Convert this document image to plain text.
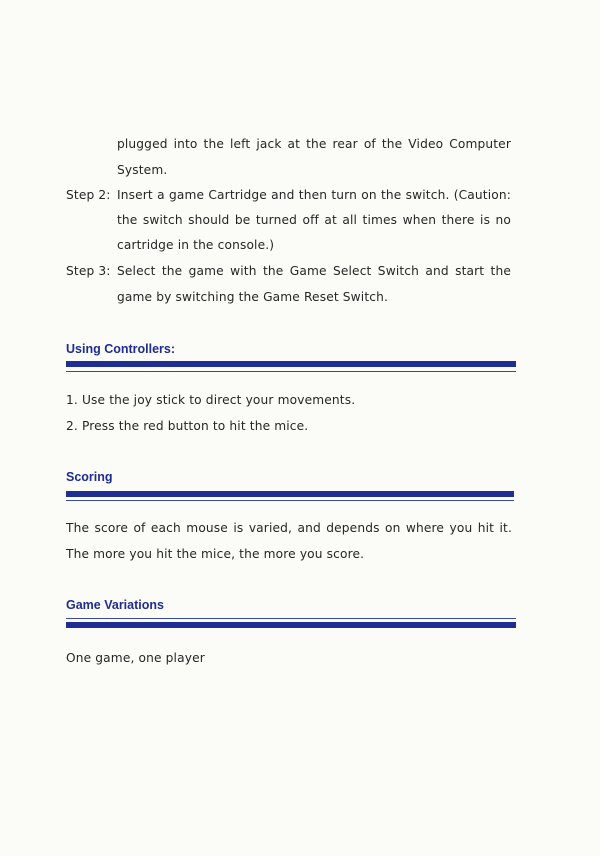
plugged into the left jack at the rear of the Video Computer
System.
Step 2: Insert a game Cartridge and then turn on the switch. (Caution:
the switch should be turned off at all times when there is no
cartridge in the console.)
Step 3: Select the game with the Game Select Switch and start the
game by switching the Game Reset Switch.
Using Controllers:
1. Use the joy stick to direct your movements.
2. Press the red button to hit the mice.
Scoring
The score of each mouse is varied, and depends on where you hit it.
The more you hit the mice, the more you score.
Game Variations
One game, one player
